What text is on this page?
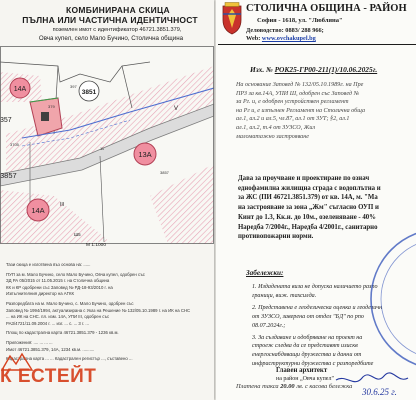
КОМБИНИРАНА СКИЦА
ПЪЛНА ИЛИ ЧАСТИЧНА ИДЕНТИЧНОСТ
поземлен имот с идентификатор 46721.3851.379,
Овча купел, село Мало Бучино, Столична община
14А
13А
14А
3851
397
379
11
3705
357
3857	3857
V
III
Ш5
М 1:1000
Тази скица е изготвена въз основа на: ......
ПУП за м. Мало Бучино, село Мало Бучино, Овча купел, одобрен със
ЗД РА 05/2015 от 11.05.2015 г. на Столична община
КК и КР одобрени със Заповед № РД-18-93/2010 г. на
Изпълнителния директор на АГКК
Разпоредбата на м. Мало Бучино, с. Мало Бучино, одобрен със
Заповед № 1994/1994, актуализирана с Указ на Решение № 132/05.10.1989 г. на ИК на СНС
... на ИК на СНС. пл. изм. 14А, УПИ III, одобрен със
РАЗ/4721/11.09.2004 г. ... изг. ... с. ... 3 г. ...
Площ по кадастрална карта 46721.3851.379 - 1236 кв.м.
Приложения: .... ... ... ...
Имот 46721.3851.379, 14А, 1234 кв.м. ..........
Кадастрална карта ... ... Кадастрален регистър ..., съставено ...
К ЕСТЕЙТ
СТОЛИЧНА ОБЩИНА - РАЙОН
София - 1618, ул. "Любляна"
Деловодство: 0883/ 288 966;
Web: www.ovchakupel.bg
Изх. № РОК25-ГР00-211(1)/10.06.2025г.
На основание Заповед № 132/05.10.1989г. на Пре
ПРЗ за кв.14А, УПИ Ш, одобрен със Заповед №
за Рг. и, е одобрен устройствен регламент
на Рг и, е изпълнен Регламент на Столична обща
ал.1, ал.2 и ал.5, чл.87, ал.1 от ЗУТ; §2, ал.1
ал.1, ал.2, т.4 от ЗУЗСО, Жил
маломатажно застрояване
Дава за проучване и проектиране по означ
еднофамилна жилищна сграда с водоплътна и
за ЖС (ПИ 46721.3851.379) от кв. 14А, м. "Ма
на застрояване за зона „Жм" съгласно ОУП и
Кинт до 1.3, Кк.н. до 10м., озеленяване - 40%
Наредба 7/2004г., Наредба 4/2001г., санитарно
противопожарни норми.
Забележки:
1. Издадената виза не допуска наличието разпо
граници, виж. тахсилда.
2. Представена е геодезическа оценка и геодезичн
от ЗУЗСО, заверена от отдел "БД" по рпо
08.07.2024г.;
3. За създаване и одобряване на проект на
строеж следва да се представят изискв
енергоснабдяващи дружества и данни от
инфраструктурни дружества с разпоредбите
Главен архитект
на район „Овча купел"
Платена такса 20.00 лв. с касова бележка
30.6.25 г.
